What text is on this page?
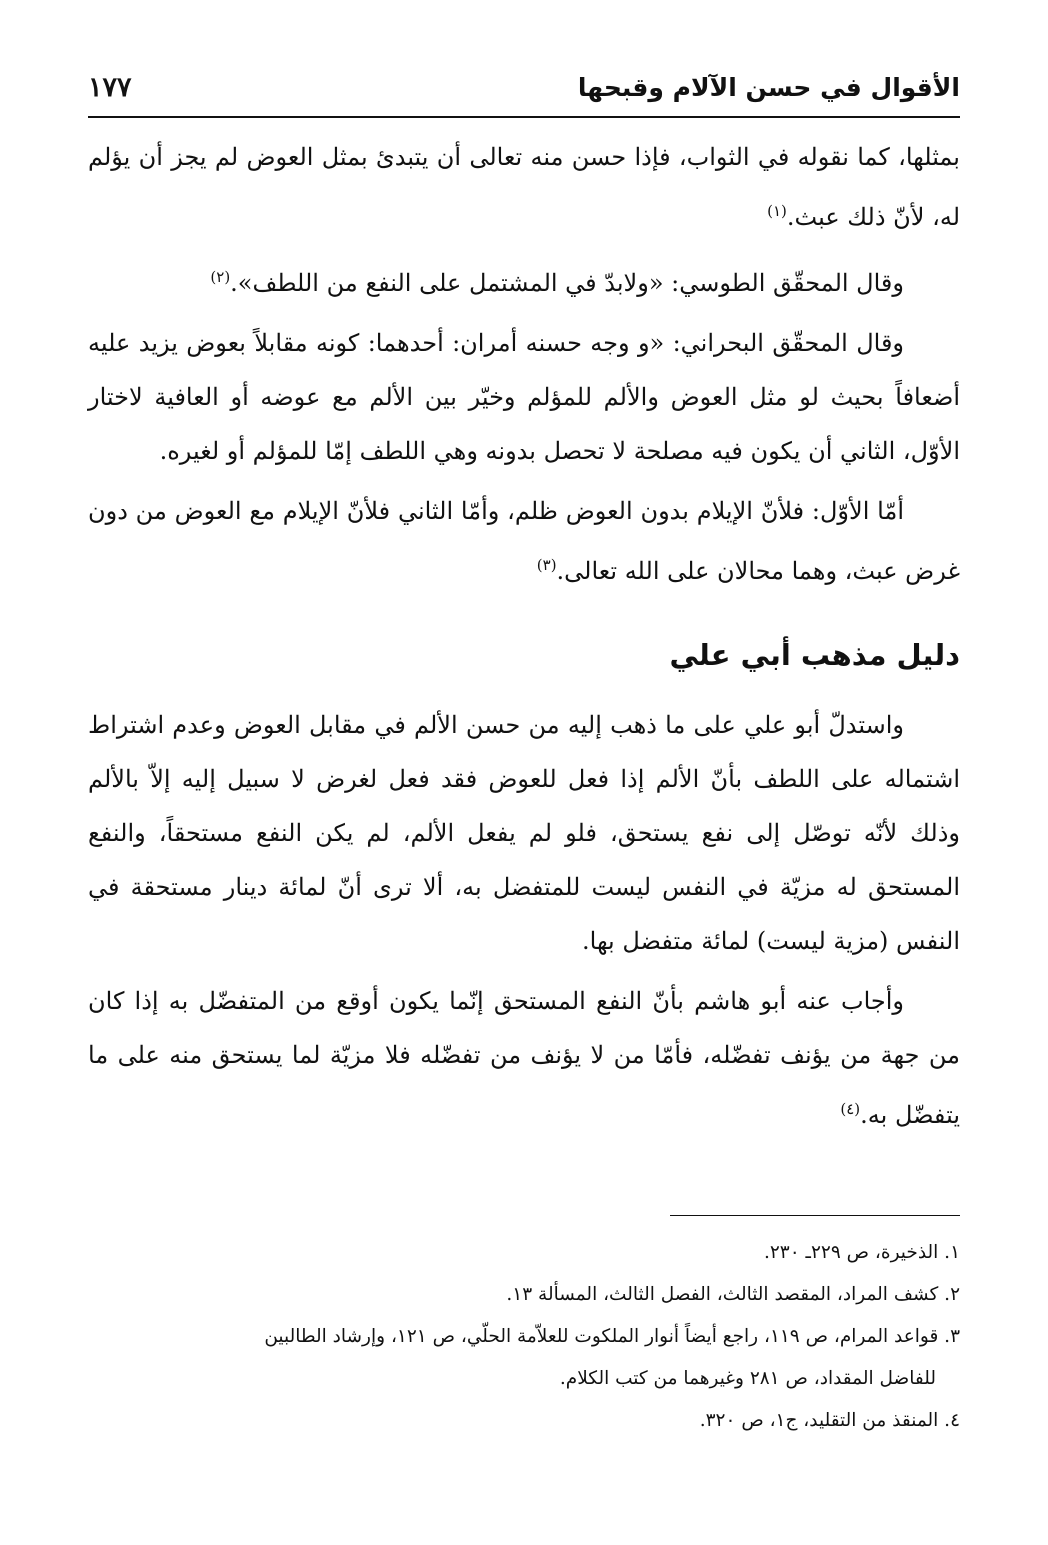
الأقوال في حسن الآلام وقبحها
١٧٧

بمثلها، كما نقوله في الثواب، فإذا حسن منه تعالى أن يتبدئ بمثل العوض لم يجز أن يؤلم له، لأنّ ذلك عبث.$^{(١)}$

وقال المحقّق الطوسي: «ولابدّ في المشتمل على النفع من اللطف».$^{(٢)}$

وقال المحقّق البحراني: «و وجه حسنه أمران: أحدهما: كونه مقابلاً بعوض يزيد عليه أضعافاً بحيث لو مثل العوض والألم للمؤلم وخيّر بين الألم مع عوضه أو العافية لاختار الأوّل، الثاني أن يكون فيه مصلحة لا تحصل بدونه وهي اللطف إمّا للمؤلم أو لغيره.

أمّا الأوّل: فلأنّ الإيلام بدون العوض ظلم، وأمّا الثاني فلأنّ الإيلام مع العوض من دون غرض عبث، وهما محالان على الله تعالى.$^{(٣)}$

دليل مذهب أبي علي

واستدلّ أبو علي على ما ذهب إليه من حسن الألم في مقابل العوض وعدم اشتراط اشتماله على اللطف بأنّ الألم إذا فعل للعوض فقد فعل لغرض لا سبيل إليه إلاّ بالألم وذلك لأنّه توصّل إلى نفع يستحق، فلو لم يفعل الألم، لم يكن النفع مستحقاً، والنفع المستحق له مزيّة في النفس ليست للمتفضل به، ألا ترى أنّ لمائة دينار مستحقة في النفس (مزية ليست) لمائة متفضل بها.

وأجاب عنه أبو هاشم بأنّ النفع المستحق إنّما يكون أوقع من المتفضّل به إذا كان من جهة من يؤنف تفضّله، فأمّا من لا يؤنف من تفضّله فلا مزيّة لما يستحق منه على ما يتفضّل به.$^{(٤)}$

١. الذخيرة، ص ٢٢٩ـ ٢٣٠.

٢. كشف المراد، المقصد الثالث، الفصل الثالث، المسألة ١٣.

٣. قواعد المرام، ص ١١٩، راجع أيضاً أنوار الملكوت للعلاّمة الحلّي، ص ١٢١، وإرشاد الطالبين

للفاضل المقداد، ص ٢٨١ وغيرهما من كتب الكلام.

٤. المنقذ من التقليد، ج١، ص ٣٢٠.
